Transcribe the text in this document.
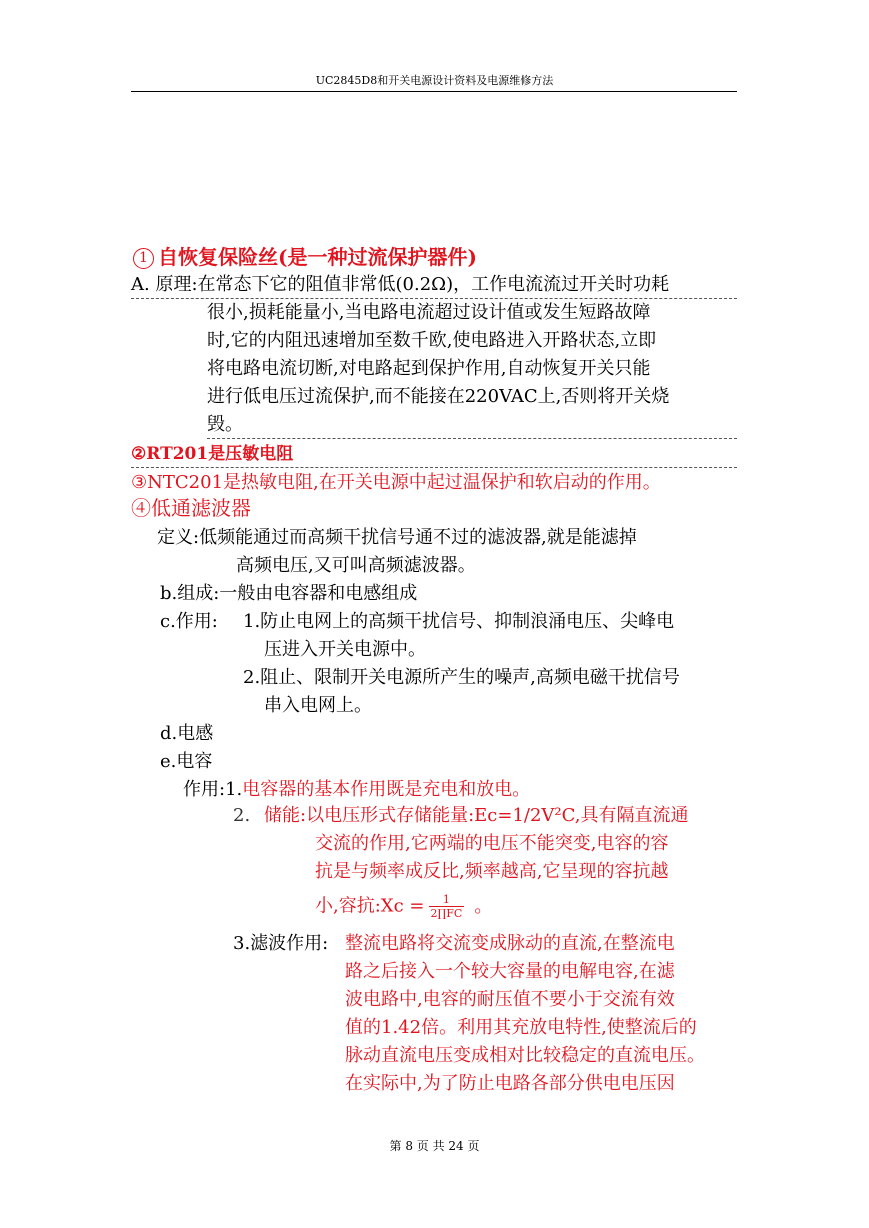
UC2845D8和开关电源设计资料及电源维修方法
1 自恢复保险丝(是一种过流保护器件)
A. 原理:在常态下它的阻值非常低(0.2Ω)，工作电流流过开关时功耗
很小,损耗能量小,当电路电流超过设计值或发生短路故障
时,它的内阻迅速增加至数千欧,使电路进入开路状态,立即
将电路电流切断,对电路起到保护作用,自动恢复开关只能
进行低电压过流保护,而不能接在220VAC上,否则将开关烧
毁。
②RT201是压敏电阻
③NTC201是热敏电阻,在开关电源中起过温保护和软启动的作用。
④低通滤波器
定义:低频能通过而高频干扰信号通不过的滤波器,就是能滤掉
高频电压,又可叫高频滤波器。
b.组成:一般由电容器和电感组成
c.作用: 1.防止电网上的高频干扰信号、抑制浪涌电压、尖峰电
压进入开关电源中。
2.阻止、限制开关电源所产生的噪声,高频电磁干扰信号
串入电网上。
d.电感
e.电容
作用:1.电容器的基本作用既是充电和放电。
2. 储能:以电压形式存储能量:Ec=1/2V²C,具有隔直流通
交流的作用,它两端的电压不能突变,电容的容
抗是与频率成反比,频率越高,它呈现的容抗越
小,容抗:Xc = $\frac{1}{2\prod FC}$ 。
3.滤波作用: 整流电路将交流变成脉动的直流,在整流电
路之后接入一个较大容量的电解电容,在滤
波电路中,电容的耐压值不要小于交流有效
值的1.42倍。利用其充放电特性,使整流后的
脉动直流电压变成相对比较稳定的直流电压。
在实际中,为了防止电路各部分供电电压因
第 8 页 共 24 页
